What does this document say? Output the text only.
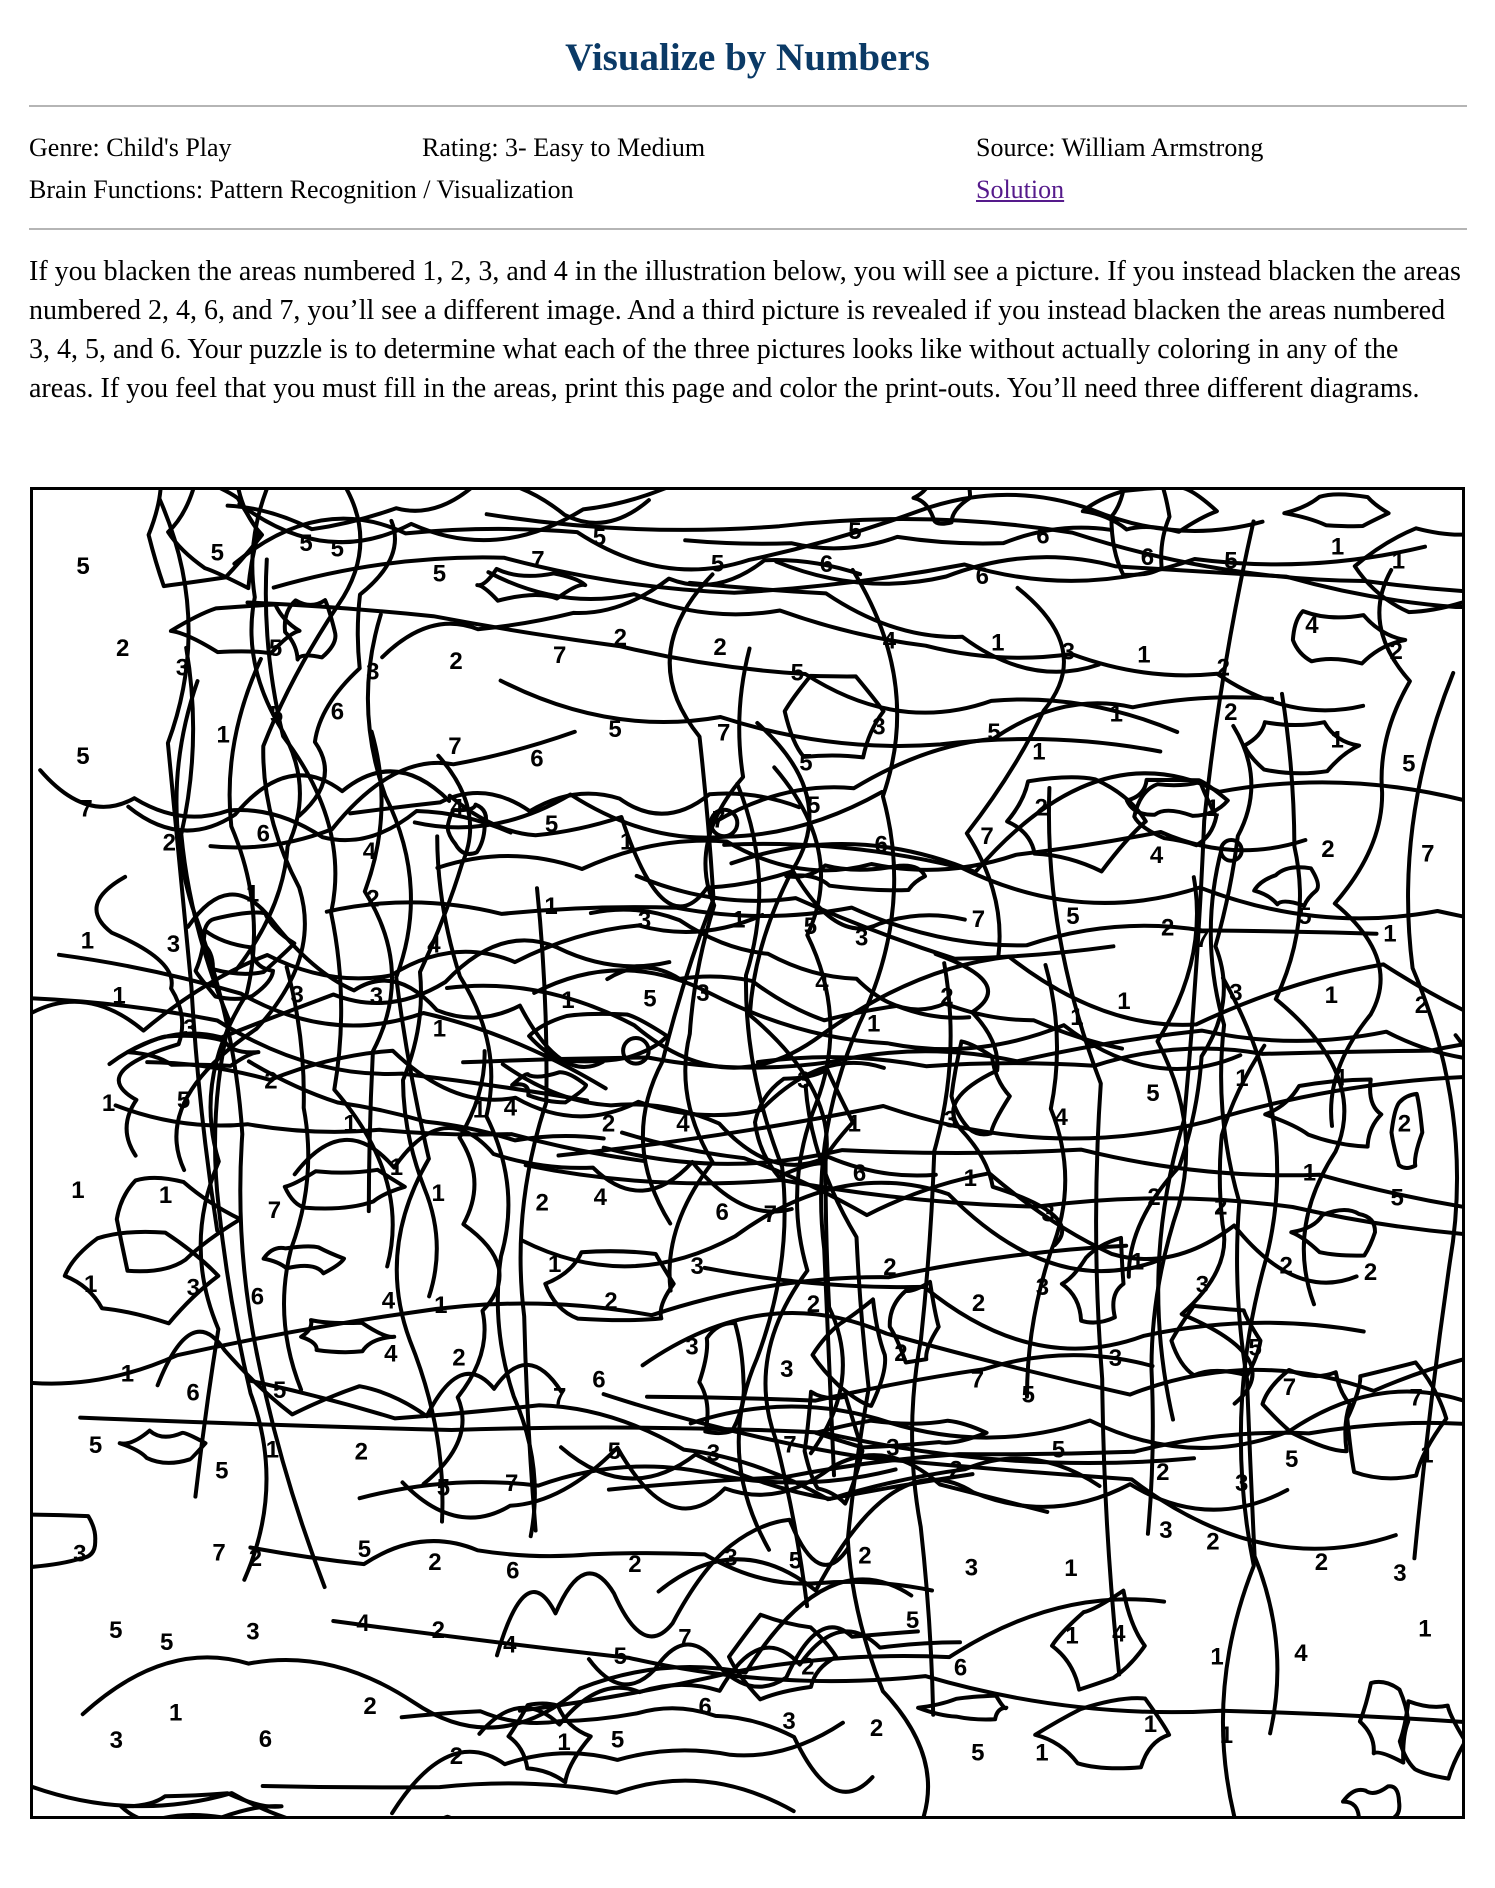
Visualize by Numbers
Genre: Child's Play	Rating: 3- Easy to Medium	Source: William Armstrong
Brain Functions: Pattern Recognition / Visualization	Solution

If you blacken the areas numbered 1, 2, 3, and 4 in the illustration below, you will see a picture. If you instead blacken the areas numbered 2, 4, 6, and 7, you’ll see a different image. And a third picture is revealed if you instead blacken the areas numbered 3, 4, 5, and 6. Your puzzle is to determine what each of the three pictures looks like without actually coloring in any of the areas. If you feel that you must fill in the areas, print this page and color the print-outs. You’ll need three different diagrams.

5
5	5 5
5
7
5
5	6
5
6
6
6	5
1
1
2
3
5
3	2	7
2	2
5
4	1 3	1	2
4
2
5
1
5 6
7	6
5	7
5
3	5
1
1	2
1
5
7
2	6
4
4
5
1
7
5
6	7
2
4
1
2	7
1	3
1	2
4
1
3	1 5 3
7	5	2 7
5
1
1
3
3	3
1
1	5 3	4
1
2
1
1	3	1	2
1	5
2
1
1 4
2	4
3
1	3	4
5
1	4
2
1	1
7
1
1	2 4
6 7
6	1
3
2 2
1
5
1	3 6	4 1
1
2
3
2
2
2
3
1
3
2	2
1
6	5
4 2
7
6
3
3
2
7
5
3	5
7	7
5
5
1	2
5 7
5	3	7	3
2
5
2	3
5	1
3	7 2	5 2	6	2	3 5 2	3	1
3 2
2	3
5 5	3	4	2
4	5
7
2
5
6
1 4
1	4
1
3
1
6
2
2
1 5
6
3	2
5 1
1	1
